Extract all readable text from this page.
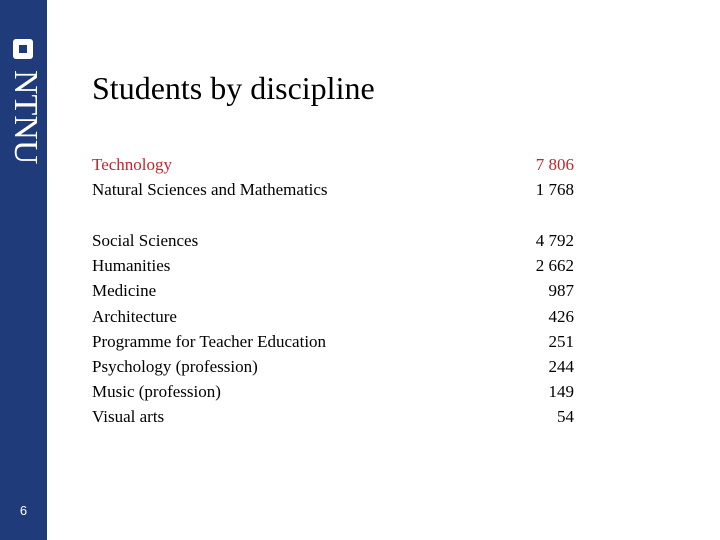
NTNU
6
Students by discipline
Technology	7 806
Natural Sciences and Mathematics	1 768
Social Sciences	4 792
Humanities	2 662
Medicine	987
Architecture	426
Programme for Teacher Education	251
Psychology (profession)	244
Music (profession)	149
Visual arts	54
